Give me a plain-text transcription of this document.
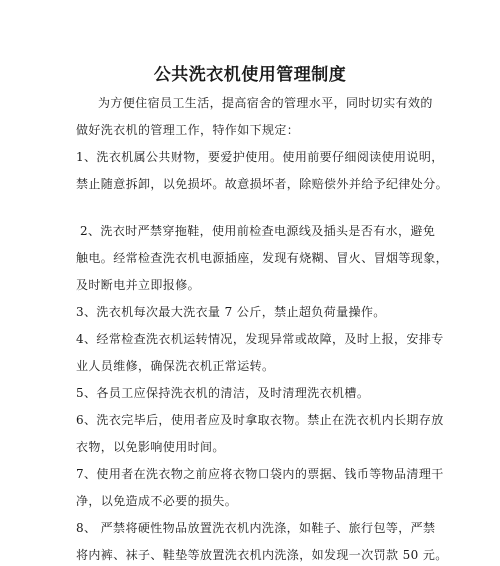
公共洗衣机使用管理制度
为方便住宿员工生活，提高宿舍的管理水平，同时切实有效的
做好洗衣机的管理工作，特作如下规定：
1、洗衣机属公共财物，要爱护使用。使用前要仔细阅读使用说明，
禁止随意拆卸，以免损坏。故意损坏者，除赔偿外并给予纪律处分。
2、洗衣时严禁穿拖鞋，使用前检查电源线及插头是否有水，避免
触电。经常检查洗衣机电源插座，发现有烧糊、冒火、冒烟等现象，
及时断电并立即报修。
3、洗衣机每次最大洗衣量 7 公斤，禁止超负荷量操作。
4、经常检查洗衣机运转情况，发现异常或故障，及时上报，安排专
业人员维修，确保洗衣机正常运转。
5、各员工应保持洗衣机的清洁，及时清理洗衣机槽。
6、洗衣完毕后，使用者应及时拿取衣物。禁止在洗衣机内长期存放
衣物，以免影响使用时间。
7、使用者在洗衣物之前应将衣物口袋内的票据、钱币等物品清理干
净，以免造成不必要的损失。
8、 严禁将硬性物品放置洗衣机内洗涤，如鞋子、旅行包等，严禁
将内裤、袜子、鞋垫等放置洗衣机内洗涤，如发现一次罚款 50 元。
